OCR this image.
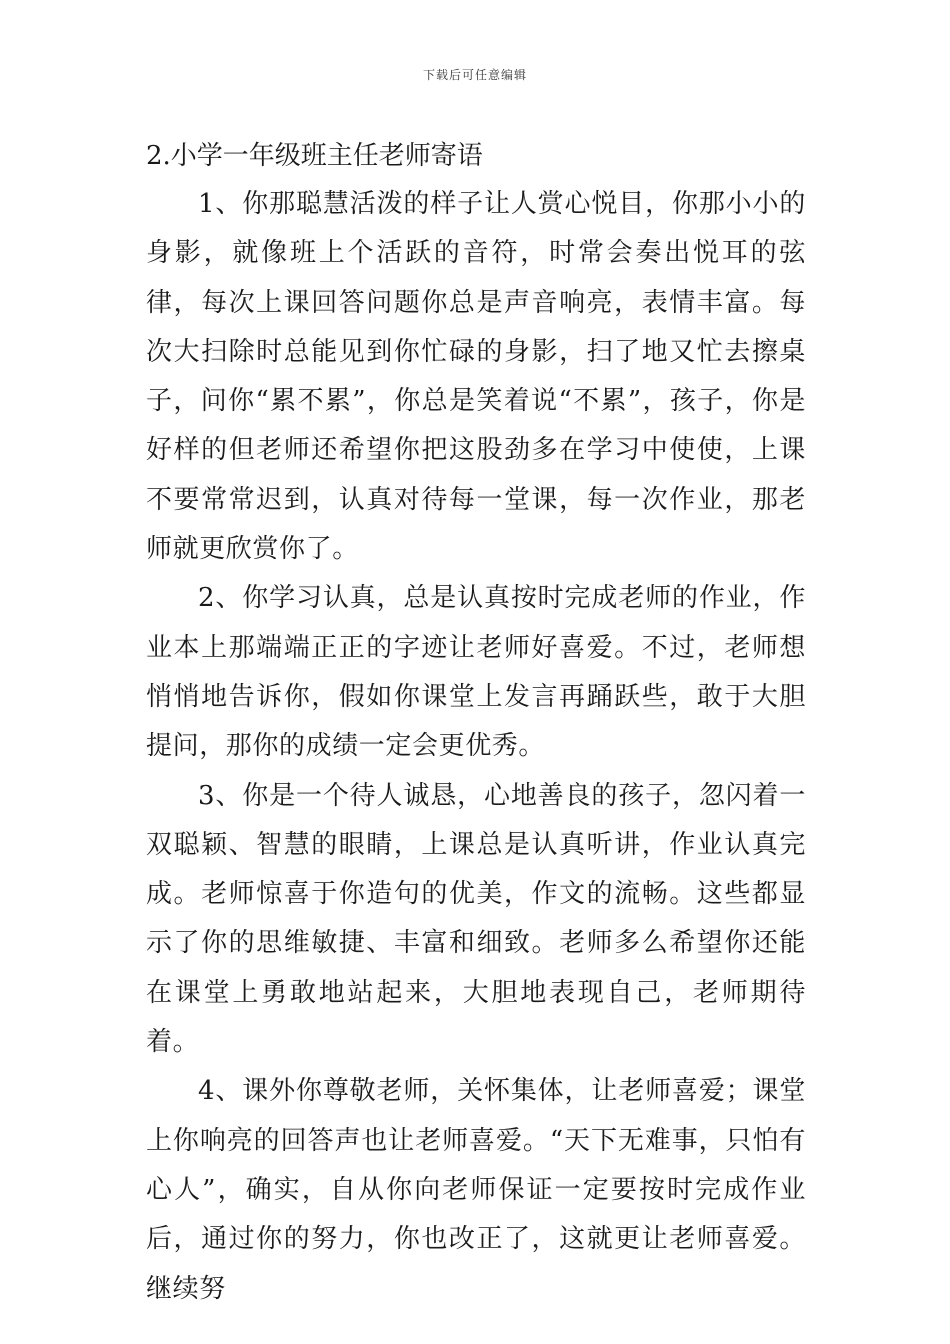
下载后可任意编辑

2.小学一年级班主任老师寄语

1、你那聪慧活泼的样子让人赏心悦目，你那小小的身影，就像班上个活跃的音符，时常会奏出悦耳的弦律，每次上课回答问题你总是声音响亮，表情丰富。每次大扫除时总能见到你忙碌的身影，扫了地又忙去擦桌子，问你“累不累”，你总是笑着说“不累”，孩子，你是好样的但老师还希望你把这股劲多在学习中使使，上课不要常常迟到，认真对待每一堂课，每一次作业，那老师就更欣赏你了。

2、你学习认真，总是认真按时完成老师的作业，作业本上那端端正正的字迹让老师好喜爱。不过，老师想悄悄地告诉你，假如你课堂上发言再踊跃些，敢于大胆提问，那你的成绩一定会更优秀。

3、你是一个待人诚恳，心地善良的孩子，忽闪着一双聪颖、智慧的眼睛，上课总是认真听讲，作业认真完成。老师惊喜于你造句的优美，作文的流畅。这些都显示了你的思维敏捷、丰富和细致。老师多么希望你还能在课堂上勇敢地站起来，大胆地表现自己，老师期待着。

4、课外你尊敬老师，关怀集体，让老师喜爱；课堂上你响亮的回答声也让老师喜爱。“天下无难事，只怕有心人”，确实，自从你向老师保证一定要按时完成作业后，通过你的努力，你也改正了，这就更让老师喜爱。继续努
